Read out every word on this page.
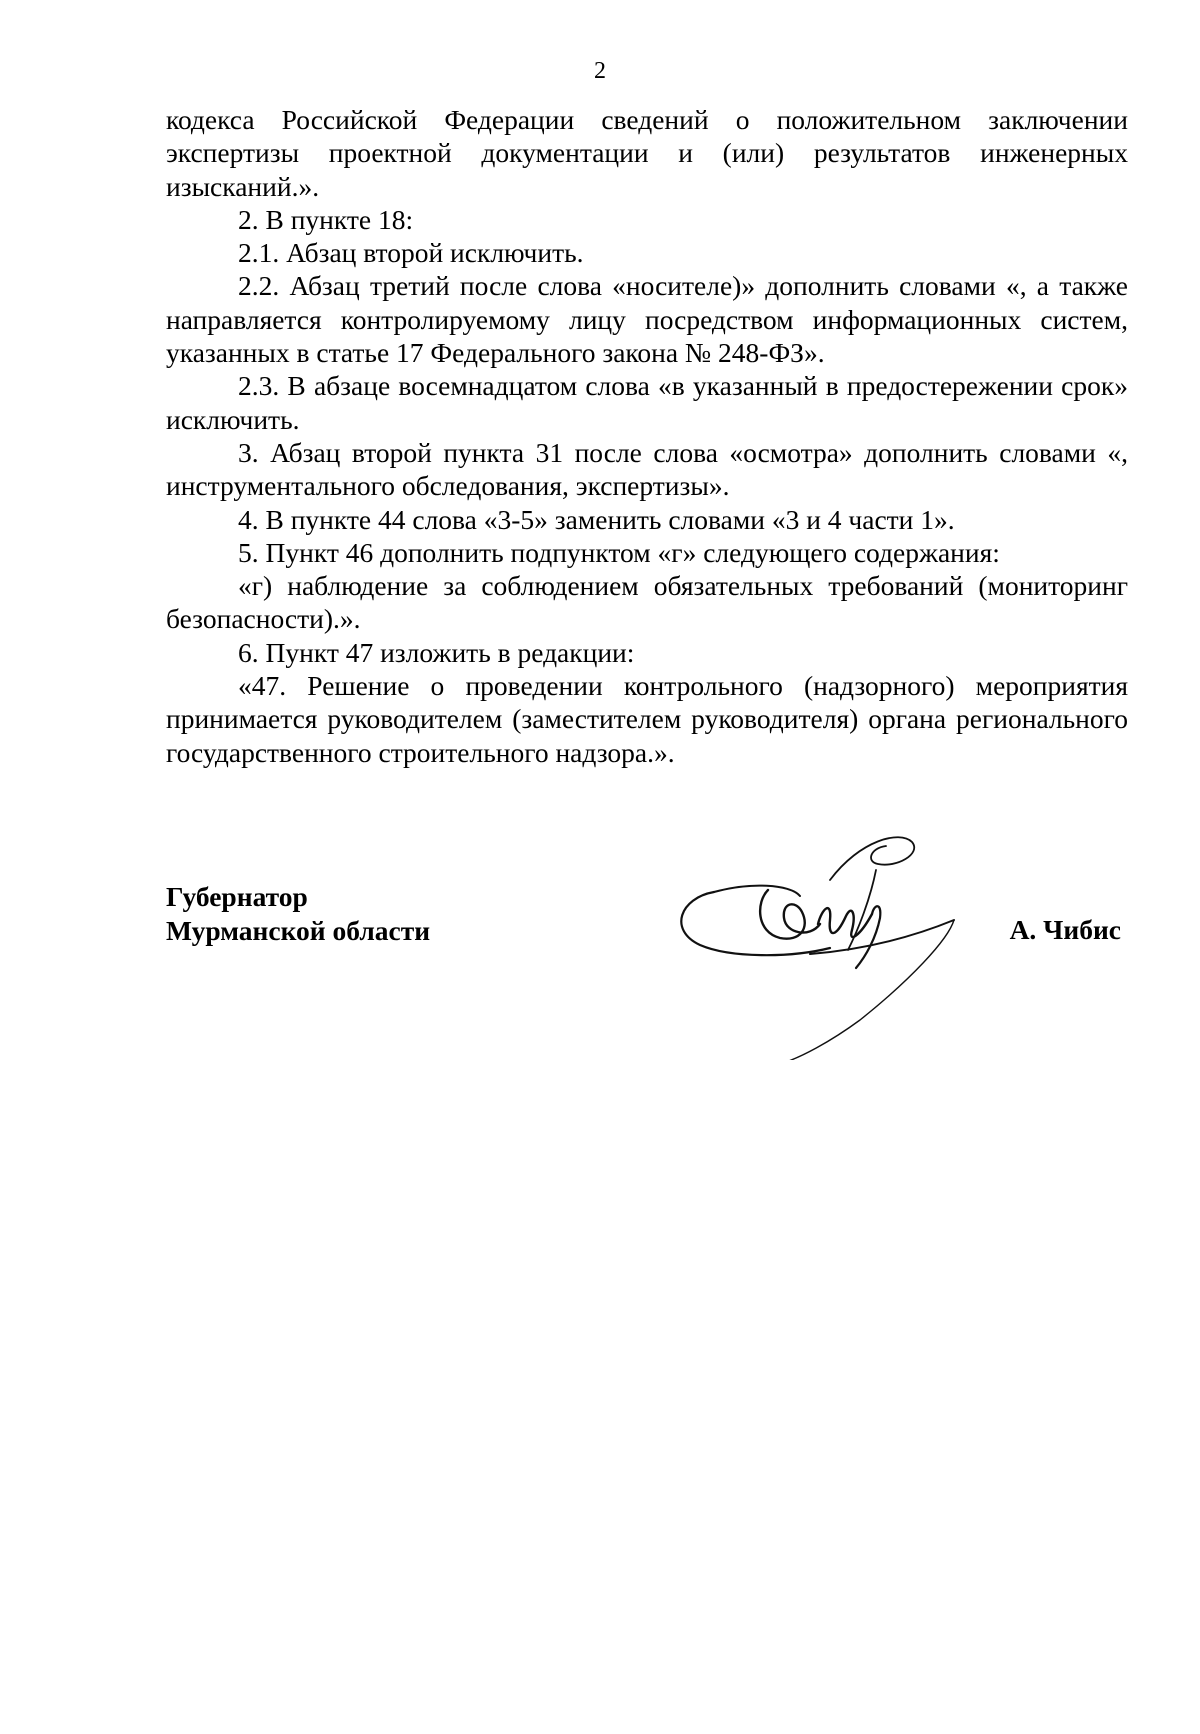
2

кодекса Российской Федерации сведений о положительном заключении экспертизы проектной документации и (или) результатов инженерных изысканий.».

2. В пункте 18:

2.1. Абзац второй исключить.

2.2. Абзац третий после слова «носителе)» дополнить словами «, а также направляется контролируемому лицу посредством информационных систем, указанных в статье 17 Федерального закона № 248-ФЗ».

2.3. В абзаце восемнадцатом слова «в указанный в предостережении срок» исключить.

3. Абзац второй пункта 31 после слова «осмотра» дополнить словами «, инструментального обследования, экспертизы».

4. В пункте 44 слова «3-5» заменить словами «3 и 4 части 1».

5. Пункт 46 дополнить подпунктом «г» следующего содержания:

«г) наблюдение за соблюдением обязательных требований (мониторинг безопасности).».

6. Пункт 47 изложить в редакции:

«47. Решение о проведении контрольного (надзорного) мероприятия принимается руководителем (заместителем руководителя) органа регионального государственного строительного надзора.».

Губернатор
Мурманской области	А. Чибис
